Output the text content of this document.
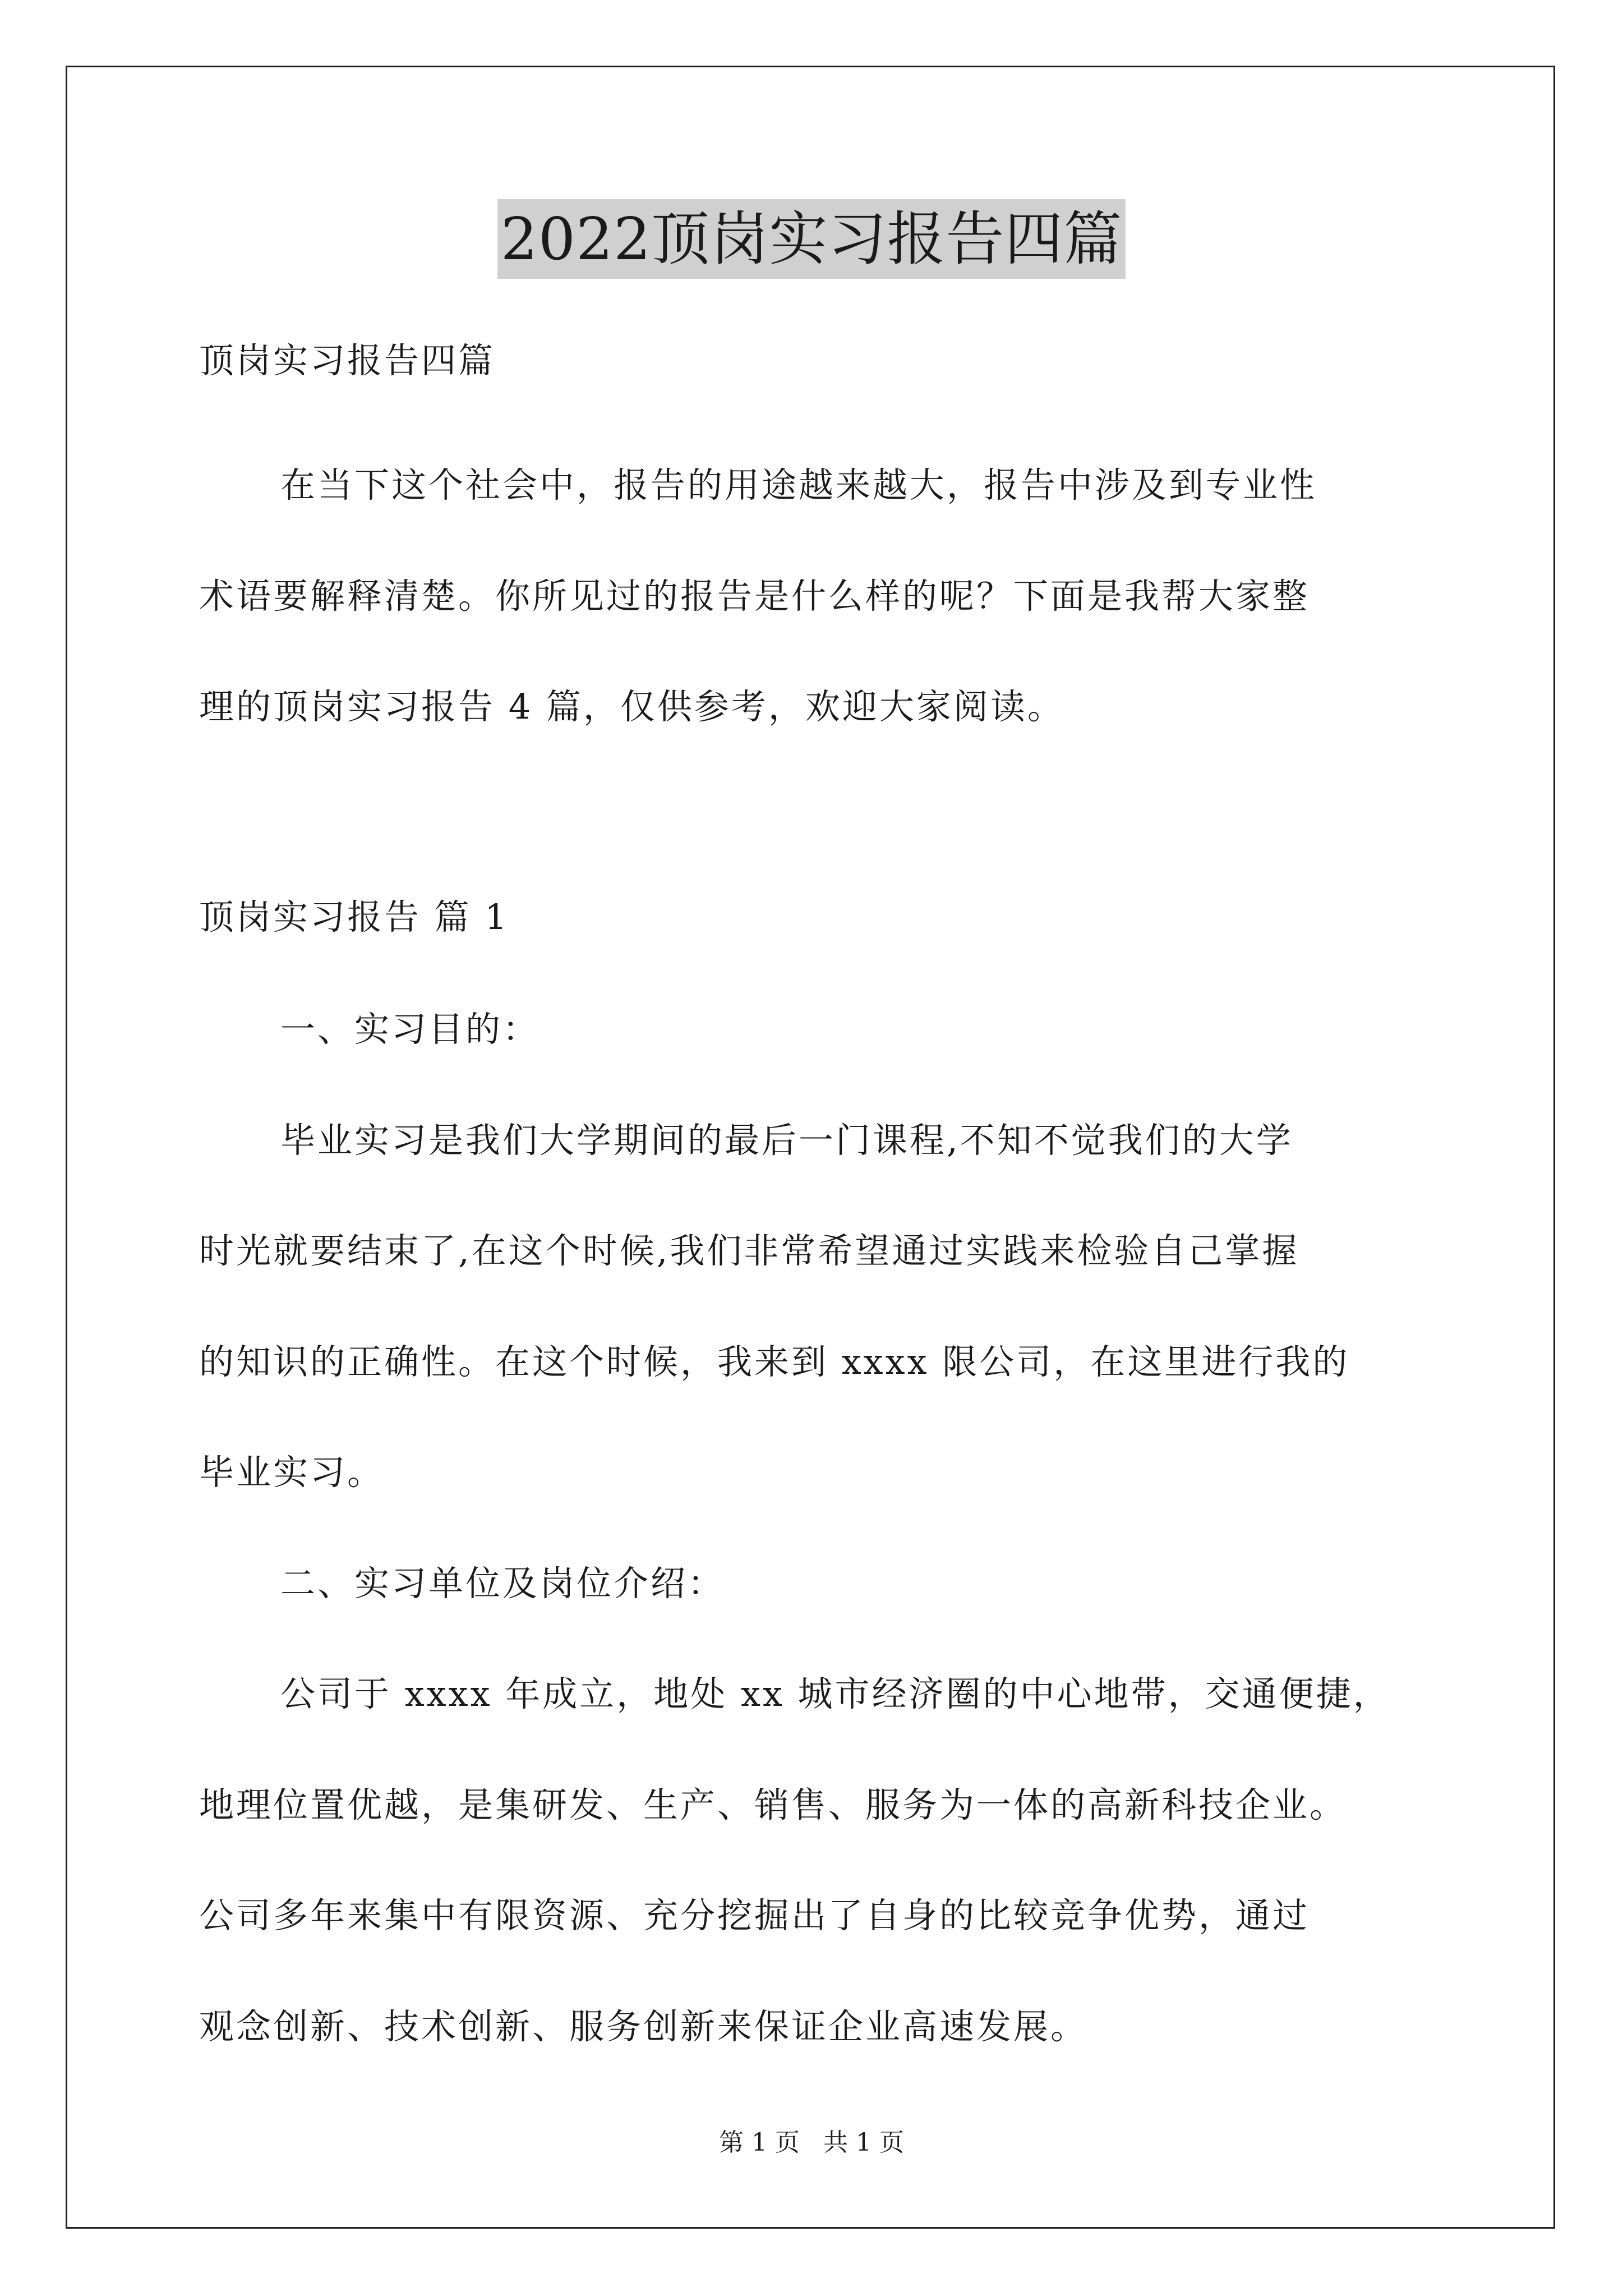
2022顶岗实习报告四篇
顶岗实习报告四篇
在当下这个社会中，报告的用途越来越大，报告中涉及到专业性
术语要解释清楚。你所见过的报告是什么样的呢？下面是我帮大家整
理的顶岗实习报告 4 篇，仅供参考，欢迎大家阅读。
顶岗实习报告 篇 1
一、实习目的：
毕业实习是我们大学期间的最后一门课程,不知不觉我们的大学
时光就要结束了,在这个时候,我们非常希望通过实践来检验自己掌握
的知识的正确性。在这个时候，我来到 xxxx 限公司，在这里进行我的
毕业实习。
二、实习单位及岗位介绍：
公司于 xxxx 年成立，地处 xx 城市经济圈的中心地带，交通便捷，
地理位置优越，是集研发、生产、销售、服务为一体的高新科技企业。
公司多年来集中有限资源、充分挖掘出了自身的比较竞争优势，通过
观念创新、技术创新、服务创新来保证企业高速发展。
第 1 页   共 1 页
